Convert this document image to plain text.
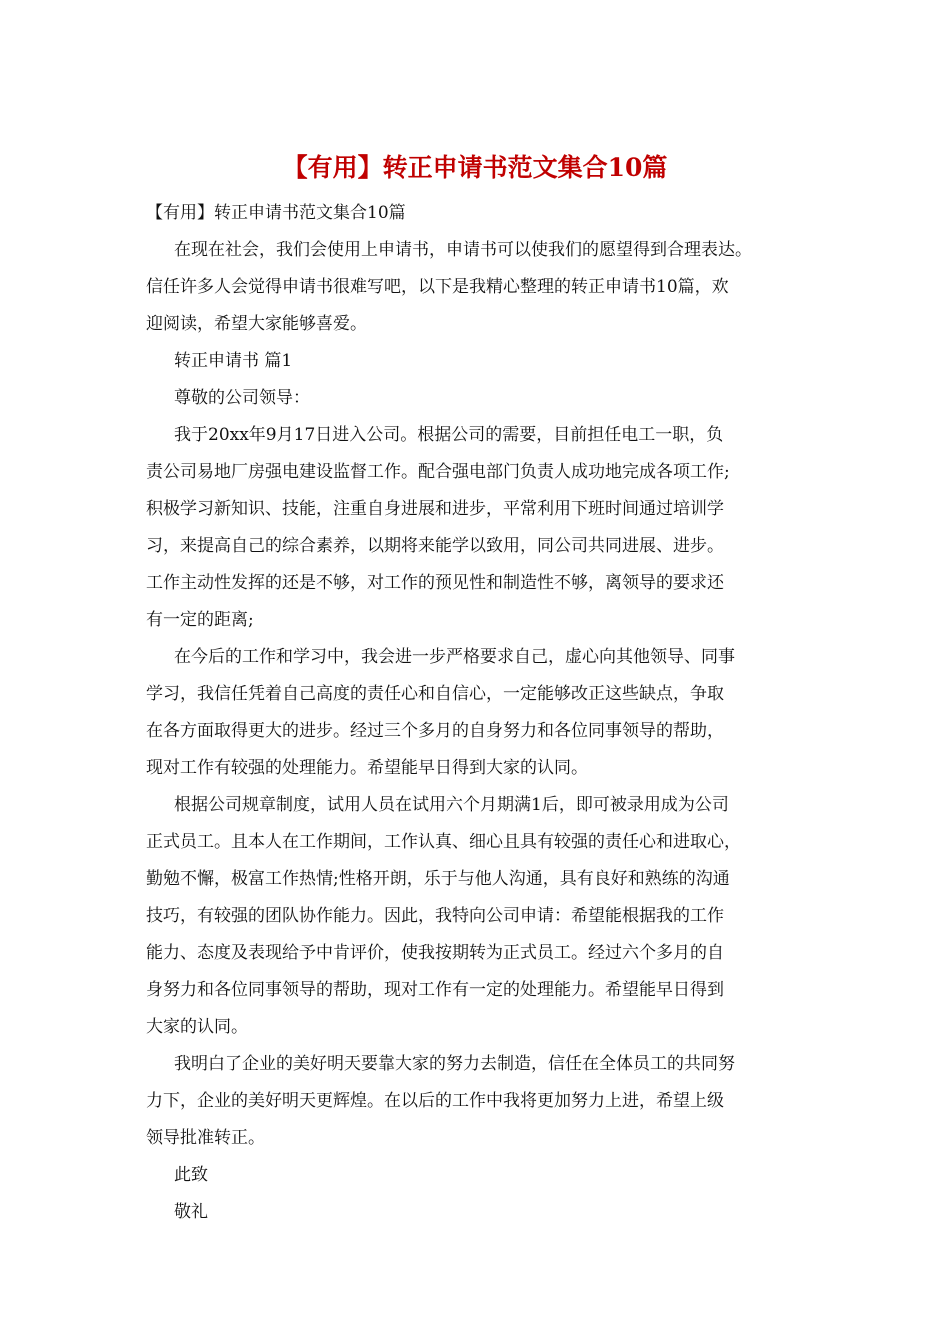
【有用】转正申请书范文集合10篇
【有用】转正申请书范文集合10篇
在现在社会，我们会使用上申请书，申请书可以使我们的愿望得到合理表达。
信任许多人会觉得申请书很难写吧，以下是我精心整理的转正申请书10篇，欢
迎阅读，希望大家能够喜爱。
转正申请书 篇1
尊敬的公司领导：
我于20xx年9月17日进入公司。根据公司的需要，目前担任电工一职，负
责公司易地厂房强电建设监督工作。配合强电部门负责人成功地完成各项工作;
积极学习新知识、技能，注重自身进展和进步，平常利用下班时间通过培训学
习，来提高自己的综合素养，以期将来能学以致用，同公司共同进展、进步。
工作主动性发挥的还是不够，对工作的预见性和制造性不够，离领导的要求还
有一定的距离;
在今后的工作和学习中，我会进一步严格要求自己，虚心向其他领导、同事
学习，我信任凭着自己高度的责任心和自信心，一定能够改正这些缺点，争取
在各方面取得更大的进步。经过三个多月的自身努力和各位同事领导的帮助，
现对工作有较强的处理能力。希望能早日得到大家的认同。
根据公司规章制度，试用人员在试用六个月期满1后，即可被录用成为公司
正式员工。且本人在工作期间，工作认真、细心且具有较强的责任心和进取心，
勤勉不懈，极富工作热情;性格开朗，乐于与他人沟通，具有良好和熟练的沟通
技巧，有较强的团队协作能力。因此，我特向公司申请：希望能根据我的工作
能力、态度及表现给予中肯评价，使我按期转为正式员工。经过六个多月的自
身努力和各位同事领导的帮助，现对工作有一定的处理能力。希望能早日得到
大家的认同。
我明白了企业的美好明天要靠大家的努力去制造，信任在全体员工的共同努
力下，企业的美好明天更辉煌。在以后的工作中我将更加努力上进，希望上级
领导批准转正。
此致
敬礼
